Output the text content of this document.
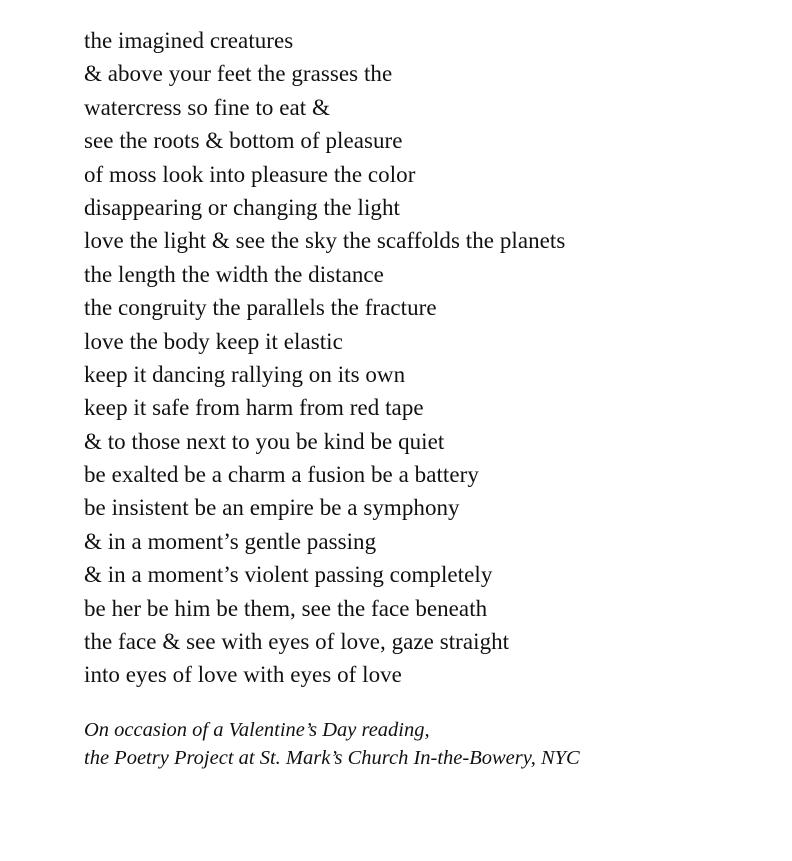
the imagined creatures
& above your feet the grasses the
watercress so fine to eat &
see the roots & bottom of pleasure
of moss look into pleasure the color
disappearing or changing the light
love the light & see the sky the scaffolds the planets
the length the width the distance
the congruity the parallels the fracture
love the body keep it elastic
keep it dancing rallying on its own
keep it safe from harm from red tape
& to those next to you be kind be quiet
be exalted be a charm a fusion be a battery
be insistent be an empire be a symphony
& in a moment’s gentle passing
& in a moment’s violent passing completely
be her be him be them, see the face beneath
the face & see with eyes of love, gaze straight
into eyes of love with eyes of love
On occasion of a Valentine’s Day reading,
the Poetry Project at St. Mark’s Church In-the-Bowery, NYC
